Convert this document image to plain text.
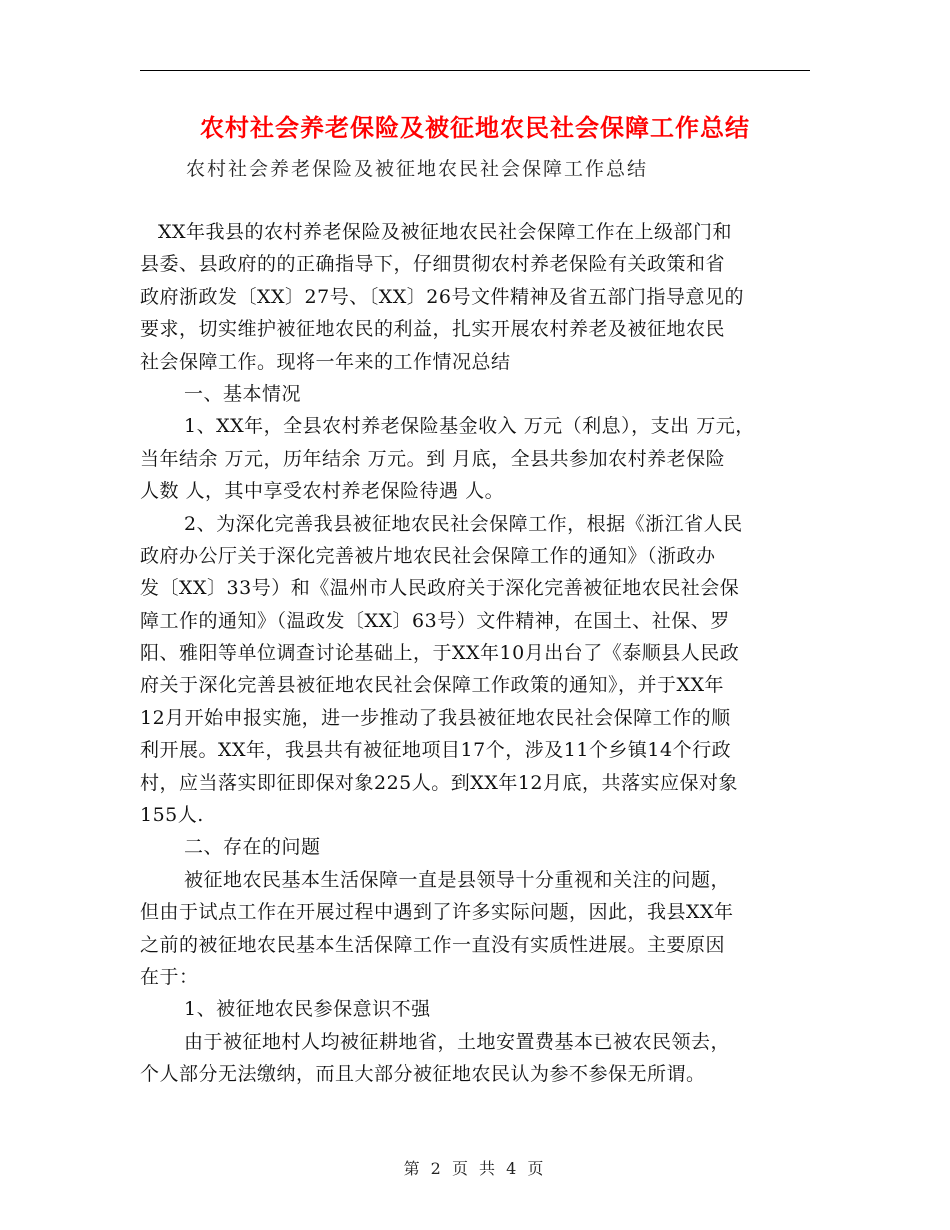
农村社会养老保险及被征地农民社会保障工作总结
农村社会养老保险及被征地农民社会保障工作总结
XX年我县的农村养老保险及被征地农民社会保障工作在上级部门和
县委、县政府的的正确指导下，仔细贯彻农村养老保险有关政策和省
政府浙政发〔XX〕27号、〔XX〕26号文件精神及省五部门指导意见的
要求，切实维护被征地农民的利益，扎实开展农村养老及被征地农民
社会保障工作。现将一年来的工作情况总结
一、基本情况
1、XX年，全县农村养老保险基金收入 万元（利息），支出 万元，
当年结余 万元，历年结余 万元。到 月底，全县共参加农村养老保险
人数 人，其中享受农村养老保险待遇 人。
2、为深化完善我县被征地农民社会保障工作，根据《浙江省人民
政府办公厅关于深化完善被片地农民社会保障工作的通知》（浙政办
发〔XX〕33号）和《温州市人民政府关于深化完善被征地农民社会保
障工作的通知》（温政发〔XX〕63号）文件精神，在国土、社保、罗
阳、雅阳等单位调查讨论基础上，于XX年10月出台了《泰顺县人民政
府关于深化完善县被征地农民社会保障工作政策的通知》，并于XX年
12月开始申报实施，进一步推动了我县被征地农民社会保障工作的顺
利开展。XX年，我县共有被征地项目17个，涉及11个乡镇14个行政
村，应当落实即征即保对象225人。到XX年12月底，共落实应保对象
155人.
二、存在的问题
被征地农民基本生活保障一直是县领导十分重视和关注的问题，
但由于试点工作在开展过程中遇到了许多实际问题，因此，我县XX年
之前的被征地农民基本生活保障工作一直没有实质性进展。主要原因
在于：
1、被征地农民参保意识不强
由于被征地村人均被征耕地省，土地安置费基本已被农民领去，
个人部分无法缴纳，而且大部分被征地农民认为参不参保无所谓。
第 2 页 共 4 页
